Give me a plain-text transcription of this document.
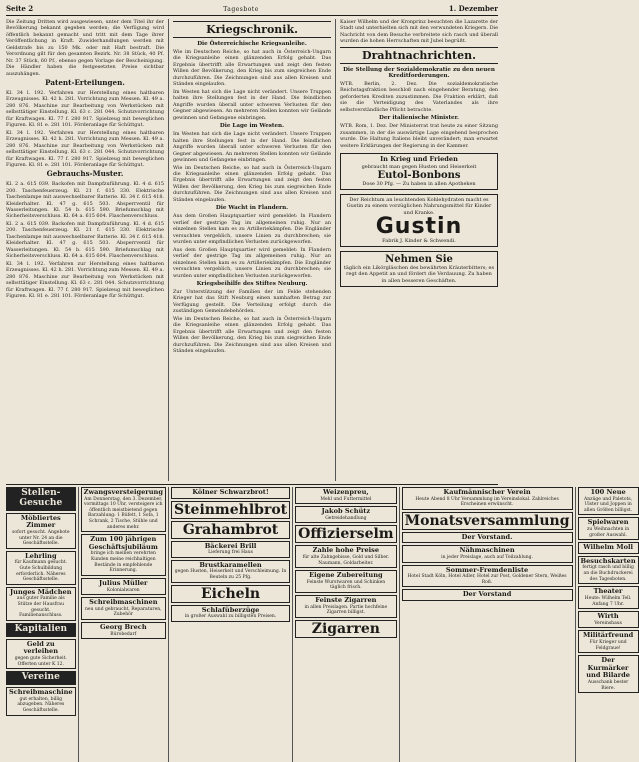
Seite 2	Tagesbote	1. Dezember

Die Zeitung Dritten wird ausgewiesen, unter dem Titel ihr der Bevölkerung bekannt gegeben werden; die Verfügung wird öffentlich bekannt gemacht und tritt mit dem Tage ihrer Veröffentlichung in Kraft. Zuwiderhandlungen werden mit Geldstrafe bis zu 150 Mk. oder mit Haft bestraft. Die Verordnung gilt für den gesamten Bezirk. Nr. 38 Stück, 40 Pf. Nr. 37 Stück, 60 Pf., ebenso gegen Vorlage der Bescheinigung. Die Händler haben die festgesetzten Preise sichtbar auszuhängen.

Patent-Erteilungen.

Kl. 34 l. 192. Verfahren zur Herstellung eines haltbaren Erzeugnisses. Kl. 42 h. 281. Vorrichtung zum Messen. Kl. 49 a. 280 876. Maschine zur Bearbeitung von Werkstücken mit selbsttätiger Einstellung. Kl. 63 c. 281 044. Schutzvorrichtung für Kraftwagen. Kl. 77 f. 280 917. Spielzeug mit beweglichen Figuren. Kl. 81 e. 281 101. Förderanlage für Schüttgut.

Kl. 34 l. 192. Verfahren zur Herstellung eines haltbaren Erzeugnisses. Kl. 42 h. 281. Vorrichtung zum Messen. Kl. 49 a. 280 876. Maschine zur Bearbeitung von Werkstücken mit selbsttätiger Einstellung. Kl. 63 c. 281 044. Schutzvorrichtung für Kraftwagen. Kl. 77 f. 280 917. Spielzeug mit beweglichen Figuren. Kl. 81 e. 281 101. Förderanlage für Schüttgut.

Gebrauchs-Muster.

Kl. 2 a. 615 039. Backofen mit Dampfzuführung. Kl. 4 d. 615 200. Taschenfeuerzeug. Kl. 21 f. 615 330. Elektrische Taschenlampe mit auswechselbarer Batterie. Kl. 34 f. 615 418. Kleiderhalter. Kl. 47 g. 615 503. Absperrventil für Wasserleitungen. Kl. 54 b. 615 590. Briefumschlag mit Sicherheitsverschluss. Kl. 64 a. 615 604. Flaschenverschluss.

Kl. 2 a. 615 039. Backofen mit Dampfzuführung. Kl. 4 d. 615 200. Taschenfeuerzeug. Kl. 21 f. 615 330. Elektrische Taschenlampe mit auswechselbarer Batterie. Kl. 34 f. 615 418. Kleiderhalter. Kl. 47 g. 615 503. Absperrventil für Wasserleitungen. Kl. 54 b. 615 590. Briefumschlag mit Sicherheitsverschluss. Kl. 64 a. 615 604. Flaschenverschluss.

Kl. 34 l. 192. Verfahren zur Herstellung eines haltbaren Erzeugnisses. Kl. 42 h. 281. Vorrichtung zum Messen. Kl. 49 a. 280 876. Maschine zur Bearbeitung von Werkstücken mit selbsttätiger Einstellung. Kl. 63 c. 281 044. Schutzvorrichtung für Kraftwagen. Kl. 77 f. 280 917. Spielzeug mit beweglichen Figuren. Kl. 81 e. 281 101. Förderanlage für Schüttgut.

Kriegschronik.
Die Österreichische Kriegsanleihe.

Wie im Deutschen Reiche, so hat auch in Österreich-Ungarn die Kriegsanleihe einen glänzenden Erfolg gehabt. Das Ergebnis übertrifft alle Erwartungen und zeigt den festen Willen der Bevölkerung, den Krieg bis zum siegreichen Ende durchzuführen. Die Zeichnungen sind aus allen Kreisen und Ständen eingelaufen.

Im Westen hat sich die Lage nicht verändert. Unsere Truppen halten ihre Stellungen fest in der Hand. Die feindlichen Angriffe wurden überall unter schweren Verlusten für den Gegner abgewiesen. An mehreren Stellen konnten wir Gelände gewinnen und Gefangene einbringen.

Die Lage im Westen.

Im Westen hat sich die Lage nicht verändert. Unsere Truppen halten ihre Stellungen fest in der Hand. Die feindlichen Angriffe wurden überall unter schweren Verlusten für den Gegner abgewiesen. An mehreren Stellen konnten wir Gelände gewinnen und Gefangene einbringen.

Wie im Deutschen Reiche, so hat auch in Österreich-Ungarn die Kriegsanleihe einen glänzenden Erfolg gehabt. Das Ergebnis übertrifft alle Erwartungen und zeigt den festen Willen der Bevölkerung, den Krieg bis zum siegreichen Ende durchzuführen. Die Zeichnungen sind aus allen Kreisen und Ständen eingelaufen.

Die Wacht in Flandern.

Aus dem Großen Hauptquartier wird gemeldet: In Flandern verlief der gestrige Tag im allgemeinen ruhig. Nur an einzelnen Stellen kam es zu Artilleriekämpfen. Die Engländer versuchten vergeblich, unsere Linien zu durchbrechen; sie wurden unter empfindlichen Verlusten zurückgeworfen.

Aus dem Großen Hauptquartier wird gemeldet: In Flandern verlief der gestrige Tag im allgemeinen ruhig. Nur an einzelnen Stellen kam es zu Artilleriekämpfen. Die Engländer versuchten vergeblich, unsere Linien zu durchbrechen; sie wurden unter empfindlichen Verlusten zurückgeworfen.

Kriegsbeihilfe des Stiftes Neuburg.

Zur Unterstützung der Familien der im Felde stehenden Krieger hat das Stift Neuburg einen namhaften Betrag zur Verfügung gestellt. Die Verteilung erfolgt durch die zuständigen Gemeindebehörden.

Wie im Deutschen Reiche, so hat auch in Österreich-Ungarn die Kriegsanleihe einen glänzenden Erfolg gehabt. Das Ergebnis übertrifft alle Erwartungen und zeigt den festen Willen der Bevölkerung, den Krieg bis zum siegreichen Ende durchzuführen. Die Zeichnungen sind aus allen Kreisen und Ständen eingelaufen.

Kaiser Wilhelm und der Kronprinz besuchten die Lazarette der Stadt und unterhielten sich mit den verwundeten Kriegern. Die Nachricht von dem Besuche verbreitete sich rasch und überall wurden die hohen Herrschaften mit Jubel begrüßt.

Drahtnachrichten.
Die Stellung der Sozialdemokratie zu den neuen Kreditforderungen.

WTB. Berlin, 2. Dez. Die sozialdemokratische Reichstagsfraktion beschloß nach eingehender Beratung, den geforderten Krediten zuzustimmen. Die Fraktion erklärt, daß sie die Verteidigung des Vaterlandes als ihre selbstverständliche Pflicht betrachte.

Der italienische Minister.

WTB. Rom, 1. Dez. Der Ministerrat trat heute zu einer Sitzung zusammen, in der die auswärtige Lage eingehend besprochen wurde. Die Haltung Italiens bleibt unverändert; man erwartet weitere Erklärungen der Regierung in der Kammer.

In Krieg und Frieden
gebraucht man gegen Husten und Heiserkeit
Eutol-Bonbons
Dose 30 Pfg. — Zu haben in allen Apotheken
Der Reichtum an leuchtenden Kohlehydraten macht es Gustin zu einem vorzüglichen Nahrungsmittel für Kinder und Kranke.
Gustin
Fabrik J. Kinder & Schwendi.
Nehmen Sie
täglich ein Likörgläschen des bewährten Kräuterbitters; es regt den Appetit an und fördert die Verdauung. Zu haben in allen besseren Geschäften.
Stellen-Gesuche
Möbliertes Zimmer
sofort gesucht. Angebote unter Nr. 24 an die Geschäftsstelle.
Lehrling
für Kaufmann gesucht. Gute Schulbildung erforderlich. Näheres Geschäftsstelle.
Junges Mädchen
aus guter Familie als Stütze der Hausfrau gesucht. Familienanschluss.
Kapitalien
Geld zu verleihen
gegen gute Sicherheit. Offerten unter K 12.
Vereine
Schreibmaschine
gut erhalten, billig abzugeben. Näheres Geschäftsstelle.
Zwangsversteigerung
Am Donnerstag, den 3. Dezember, vormittags 10 Uhr, versteigere ich öffentlich meistbietend gegen Barzahlung: 1 Büfett, 1 Sofa, 1 Schrank, 2 Tische, Stühle und anderes mehr.
Zum 100 jährigen Geschäftsjubiläum
bringe ich meinen verehrten Kunden meine reichhaltigen Bestände in empfehlende Erinnerung.
Julius Müller
Kolonialwaren
Schreibmaschinen
neu und gebraucht, Reparaturen, Zubehör
Georg Brech
Bürobedarf
Kölner Schwarzbrot!
Steinmehlbrot
Grahambrot
Bäckerei Brill
Lieferung frei Haus
Brustkaramellen
gegen Husten, Heiserkeit und Verschleimung. In Beuteln zu 25 Pfg.
Eicheln
Schlafüberzüge
in großer Auswahl zu billigsten Preisen.
Weizenpreu,
Mehl und Futtermittel
Jakob Schütz
Getreidehandlung
Offizierselm
Zahle hohe Preise
für alte Zahngebisse, Gold und Silber. Naumann, Goldarbeiter.
Eigene Zubereitung
Feinste Wurstwaren und Schinken täglich frisch.
Feinste Zigarren
in allen Preislagen. Partie hochfeine Zigarren billigst.
Zigarren
Kaufmännischer Verein
Heute Abend 8 Uhr Versammlung im Vereinslokal. Zahlreiches Erscheinen erwünscht.
Monatsversammlung
Der Vorstand.
Nähmaschinen
in jeder Preislage, auch auf Teilzahlung.
Sommer-Fremdenliste
Hotel Stadt Köln, Hotel Adler, Hotel zur Post, Goldener Stern, Weißes Roß.
Der Vorstand
100 Neue
Anzüge und Paletots, Ulster und Joppen in allen Größen billigst.
Spielwaren
zu Weihnachten in großer Auswahl.
Wilhelm Moll
Besuchskarten
fertigt rasch und billig an die Buchdruckerei des Tagesboten.
Theater
Heute: Wilhelm Tell. Anfang 7 Uhr.
Wirth
Vereinshaus
Militärfreund
Für Krieger und Feldgraue!
Der Kurmärker und Bilarde
Ausschank bester Biere.
